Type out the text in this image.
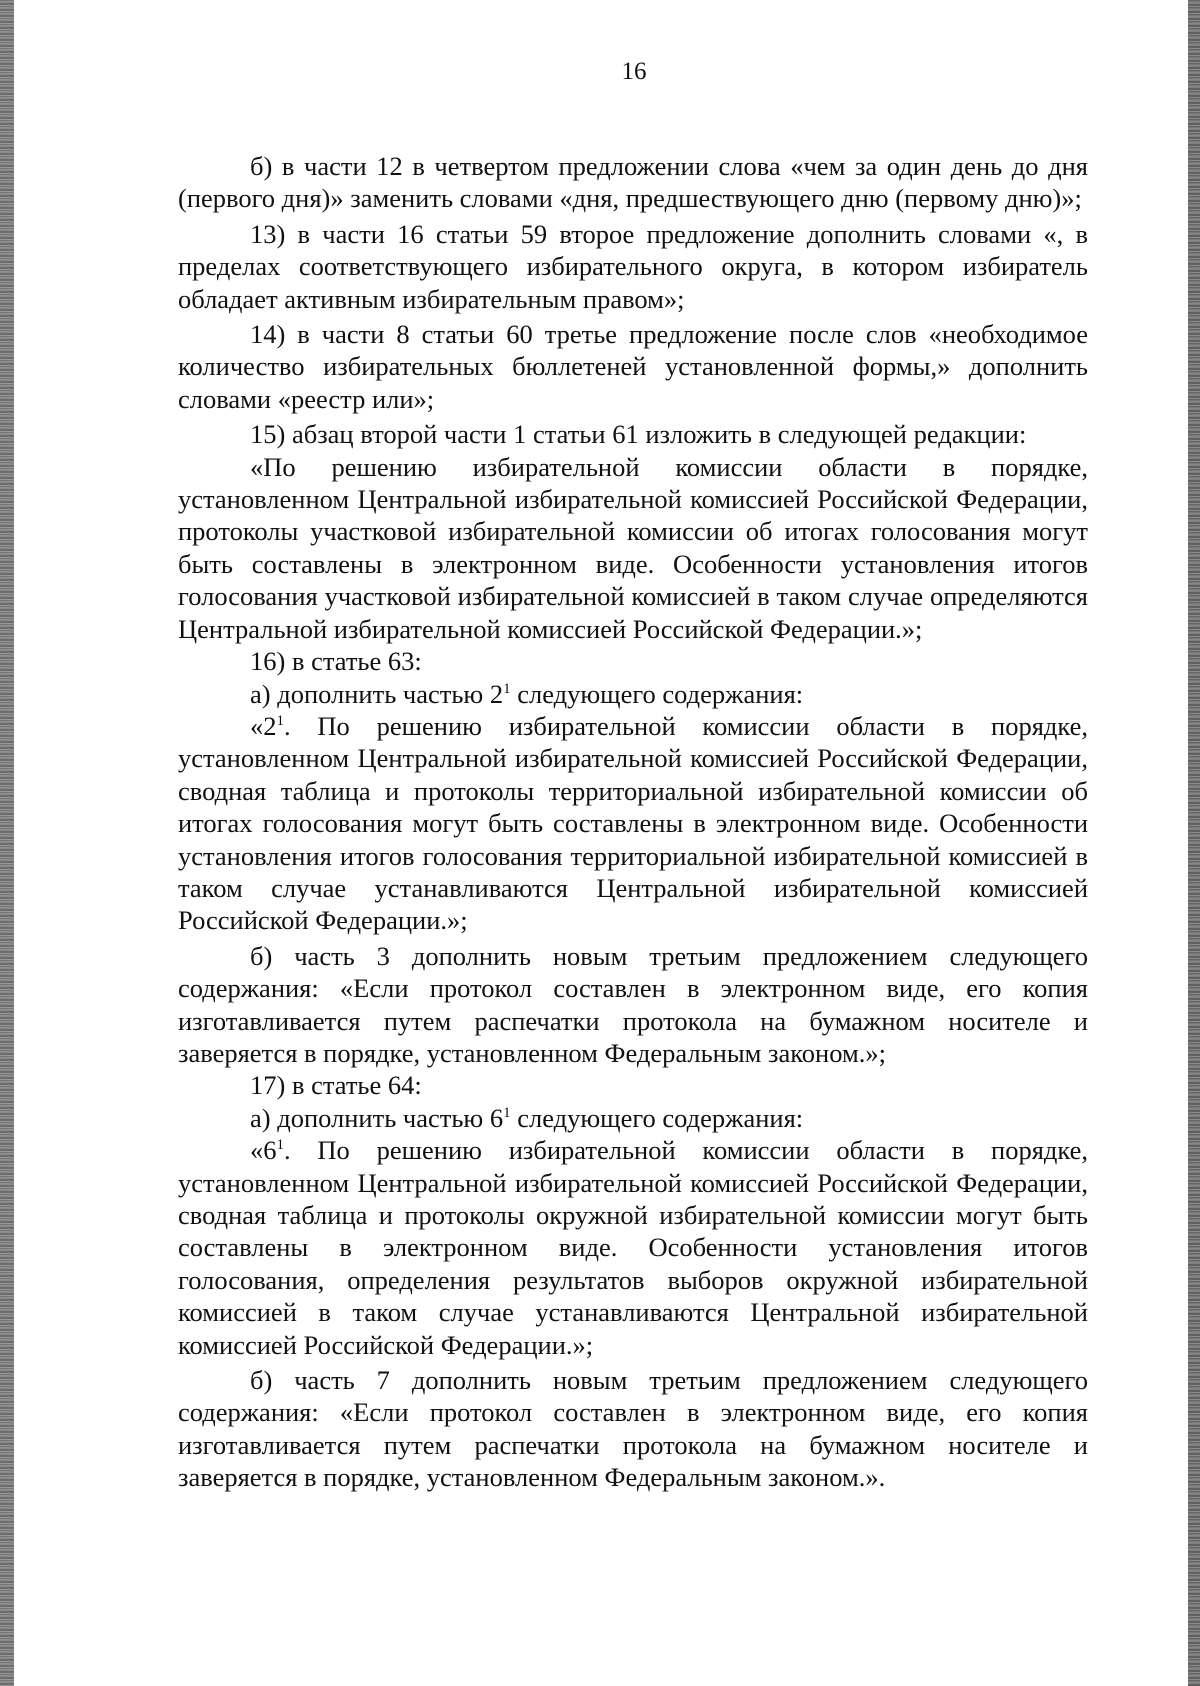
16

б) в части 12 в четвертом предложении слова «чем за один день до дня (первого дня)» заменить словами «дня, предшествующего дню (первому дню)»;

13) в части 16 статьи 59 второе предложение дополнить словами «, в пределах соответствующего избирательного округа, в котором избиратель обладает активным избирательным правом»;

14) в части 8 статьи 60 третье предложение после слов «необходимое количество избирательных бюллетеней установленной формы,» дополнить словами «реестр или»;

15) абзац второй части 1 статьи 61 изложить в следующей редакции:

«По решению избирательной комиссии области в порядке, установленном Центральной избирательной комиссией Российской Федерации, протоколы участковой избирательной комиссии об итогах голосования могут быть составлены в электронном виде. Особенности установления итогов голосования участковой избирательной комиссией в таком случае определяются Центральной избирательной комиссией Российской Федерации.»;

16) в статье 63:

а) дополнить частью $2^1$ следующего содержания:

«$2^1$. По решению избирательной комиссии области в порядке, установленном Центральной избирательной комиссией Российской Федерации, сводная таблица и протоколы территориальной избирательной комиссии об итогах голосования могут быть составлены в электронном виде. Особенности установления итогов голосования территориальной избирательной комиссией в таком случае устанавливаются Центральной избирательной комиссией Российской Федерации.»;

б) часть 3 дополнить новым третьим предложением следующего содержания: «Если протокол составлен в электронном виде, его копия изготавливается путем распечатки протокола на бумажном носителе и заверяется в порядке, установленном Федеральным законом.»;

17) в статье 64:

а) дополнить частью $6^1$ следующего содержания:

«$6^1$. По решению избирательной комиссии области в порядке, установленном Центральной избирательной комиссией Российской Федерации, сводная таблица и протоколы окружной избирательной комиссии могут быть составлены в электронном виде. Особенности установления итогов голосования, определения результатов выборов окружной избирательной комиссией в таком случае устанавливаются Центральной избирательной комиссией Российской Федерации.»;

б) часть 7 дополнить новым третьим предложением следующего содержания: «Если протокол составлен в электронном виде, его копия изготавливается путем распечатки протокола на бумажном носителе и заверяется в порядке, установленном Федеральным законом.».
